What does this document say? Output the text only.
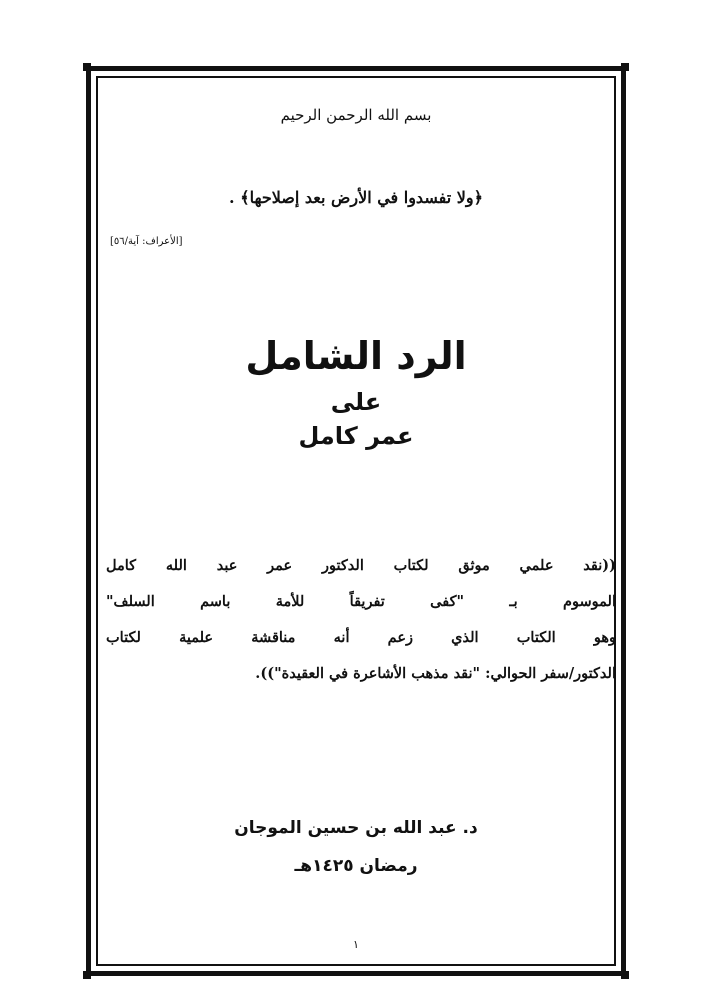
بسم الله الرحمن الرحيم
﴿ولا تفسدوا في الأرض بعد إصلاحها﴾ .
[الأعراف: آية/٥٦]
الرد الشامل
على
عمر كامل
((نقد علمي موثق لكتاب الدكتور عمر عبد الله كامل
الموسوم بـ "كفى تفريقاً للأمة باسم السلف"
وهو الكتاب الذي زعم أنه مناقشة علمية لكتاب
الدكتور/سفر الحوالي: "نقد مذهب الأشاعرة في العقيدة")).
د. عبد الله بن حسين الموجان
رمضان ١٤٢٥هـ
١
